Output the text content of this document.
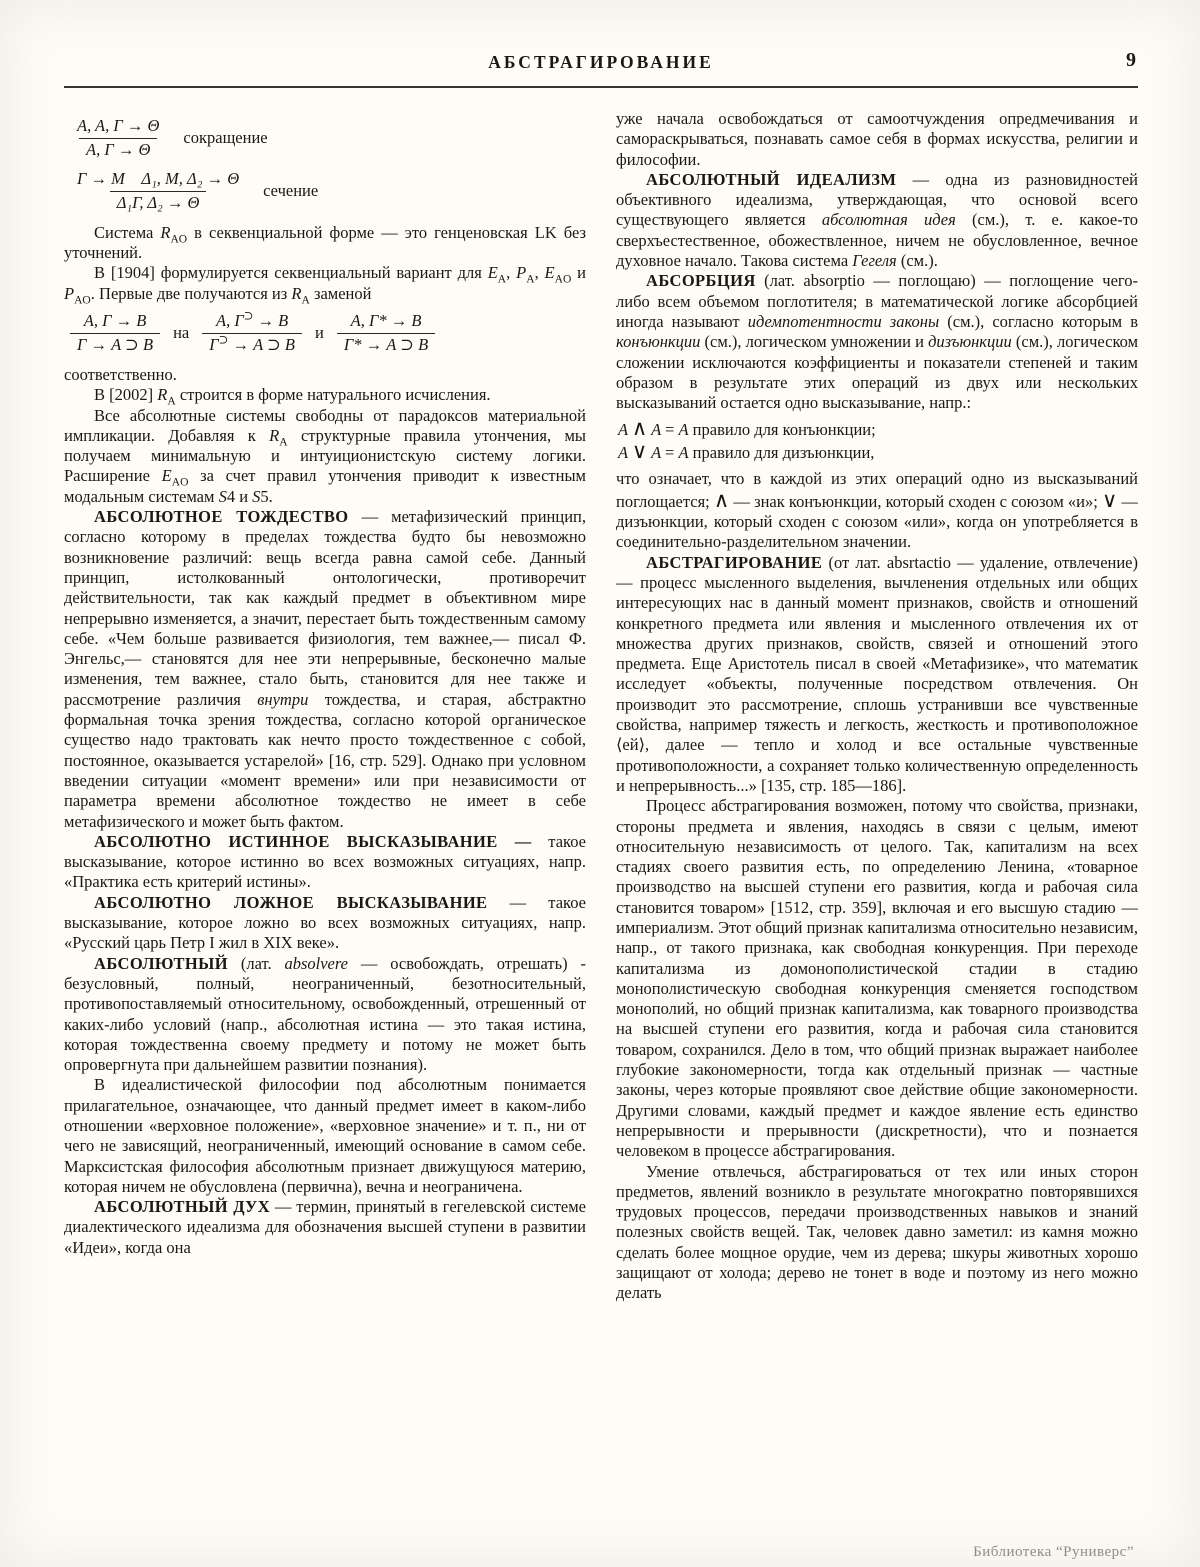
АБСТРАГИРОВАНИЕ	9
$\frac{A, A, \Gamma \to \Theta}{A, \Gamma \to \Theta}$ сокращение
$\frac{\text{Γ → M    Δ₁, M, Δ₂ → Θ}}{\text{Δ₁Γ, Δ₂ → Θ}}$ сечение

Система $R_{AO}$ в секвенциальной форме — это генценовская LK без уточнений.

В [1904] формулируется секвенциальный вариант для $E_A$, $P_A$, $E_{AO}$ и $P_{AO}$. Первые две получаются из $R_A$ заменой

$\frac{A, \Gamma \to B}{\Gamma \to A ⊃ B}$ на $\frac{A, \Gamma^⊃ \to B}{\Gamma^⊃ \to A ⊃ B}$ и $\frac{A, \Gamma* \to B}{\Gamma* \to A ⊃ B}$

соответственно.

В [2002] $R_A$ строится в форме натурального исчисления.

Все абсолютные системы свободны от парадоксов материальной импликации. Добавляя к $R_A$ структурные правила утончения, мы получаем минимальную и интуиционистскую систему логики. Расширение $E_{AO}$ за счет правил утончения приводит к известным модальным системам S4 и S5.

АБСОЛЮТНОЕ ТОЖДЕСТВО — метафизический принцип, согласно которому в пределах тождества будто бы невозможно возникновение различий: вещь всегда равна самой себе. Данный принцип, истолкованный онтологически, противоречит действительности, так как каждый предмет в объективном мире непрерывно изменяется, а значит, перестает быть тождественным самому себе. «Чем больше развивается физиология, тем важнее,— писал Ф. Энгельс,— становятся для нее эти непрерывные, бесконечно малые изменения, тем важнее, стало быть, становится для нее также и рассмотрение различия внутри тождества, и старая, абстрактно формальная точка зрения тождества, согласно которой органическое существо надо трактовать как нечто просто тождественное с собой, постоянное, оказывается устарелой» [16, стр. 529]. Однако при условном введении ситуации «момент времени» или при независимости от параметра времени абсолютное тождество не имеет в себе метафизического и может быть фактом.

АБСОЛЮТНО ИСТИННОЕ ВЫСКАЗЫВАНИЕ — такое высказывание, которое истинно во всех возможных ситуациях, напр. «Практика есть критерий истины».

АБСОЛЮТНО ЛОЖНОЕ ВЫСКАЗЫВАНИЕ — такое высказывание, которое ложно во всех возможных ситуациях, напр. «Русский царь Петр I жил в XIX веке».

АБСОЛЮТНЫЙ (лат. absolvere — освобождать, отрешать) - безусловный, полный, неограниченный, безотносительный, противопоставляемый относительному, освобожденный, отрешенный от каких-либо условий (напр., абсолютная истина — это такая истина, которая тождественна своему предмету и потому не может быть опровергнута при дальнейшем развитии познания).

В идеалистической философии под абсолютным понимается прилагательное, означающее, что данный предмет имеет в каком-либо отношении «верховное положение», «верховное значение» и т. п., ни от чего не зависящий, неограниченный, имеющий основание в самом себе. Марксистская философия абсолютным признает движущуюся материю, которая ничем не обусловлена (первична), вечна и неограничена.

АБСОЛЮТНЫЙ ДУХ — термин, принятый в гегелевской системе диалектического идеализма для обозначения высшей ступени в развитии «Идеи», когда она

уже начала освобождаться от самоотчуждения опредмечивания и самораскрываться, познавать самое себя в формах искусства, религии и философии.

АБСОЛЮТНЫЙ ИДЕАЛИЗМ — одна из разновидностей объективного идеализма, утверждающая, что основой всего существующего является абсолютная идея (см.), т. е. какое-то сверхъестественное, обожествленное, ничем не обусловленное, вечное духовное начало. Такова система Гегеля (см.).

АБСОРБЦИЯ (лат. absorptio — поглощаю) — поглощение чего-либо всем объемом поглотителя; в математической логике абсорбцией иногда называют идемпотентности законы (см.), согласно которым в конъюнкции (см.), логическом умножении и дизъюнкции (см.), логическом сложении исключаются коэффициенты и показатели степеней и таким образом в результате этих операций из двух или нескольких высказываний остается одно высказывание, напр.:

A ∧ A = A правило для конъюнкции;
A ∨ A = A правило для дизъюнкции,

что означает, что в каждой из этих операций одно из высказываний поглощается; ∧ — знак конъюнкции, который сходен с союзом «и»; ∨ — дизъюнкции, который сходен с союзом «или», когда он употребляется в соединительно-разделительном значении.

АБСТРАГИРОВАНИЕ (от лат. absrtactio — удаление, отвлечение) — процесс мысленного выделения, вычленения отдельных или общих интересующих нас в данный момент признаков, свойств и отношений конкретного предмета или явления и мысленного отвлечения их от множества других признаков, свойств, связей и отношений этого предмета. Еще Аристотель писал в своей «Метафизике», что математик исследует «объекты, полученные посредством отвлечения. Он производит это рассмотрение, сплошь устранивши все чувственные свойства, например тяжесть и легкость, жесткость и противоположное ⟨ей⟩, далее — тепло и холод и все остальные чувственные противоположности, а сохраняет только количественную определенность и непрерывность...» [135, стр. 185—186].

Процесс абстрагирования возможен, потому что свойства, признаки, стороны предмета и явления, находясь в связи с целым, имеют относительную независимость от целого. Так, капитализм на всех стадиях своего развития есть, по определению Ленина, «товарное производство на высшей ступени его развития, когда и рабочая сила становится товаром» [1512, стр. 359], включая и его высшую стадию — империализм. Этот общий признак капитализма относительно независим, напр., от такого признака, как свободная конкуренция. При переходе капитализма из домонополистической стадии в стадию монополистическую свободная конкуренция сменяется господством монополий, но общий признак капитализма, как товарного производства на высшей ступени его развития, когда и рабочая сила становится товаром, сохранился. Дело в том, что общий признак выражает наиболее глубокие закономерности, тогда как отдельный признак — частные законы, через которые проявляют свое действие общие закономерности. Другими словами, каждый предмет и каждое явление есть единство непрерывности и прерывности (дискретности), что и познается человеком в процессе абстрагирования.

Умение отвлечься, абстрагироваться от тех или иных сторон предметов, явлений возникло в результате многократно повторявшихся трудовых процессов, передачи производственных навыков и знаний полезных свойств вещей. Так, человек давно заметил: из камня можно сделать более мощное орудие, чем из дерева; шкуры животных хорошо защищают от холода; дерево не тонет в воде и поэтому из него можно делать

Библиотека “Руниверс”
